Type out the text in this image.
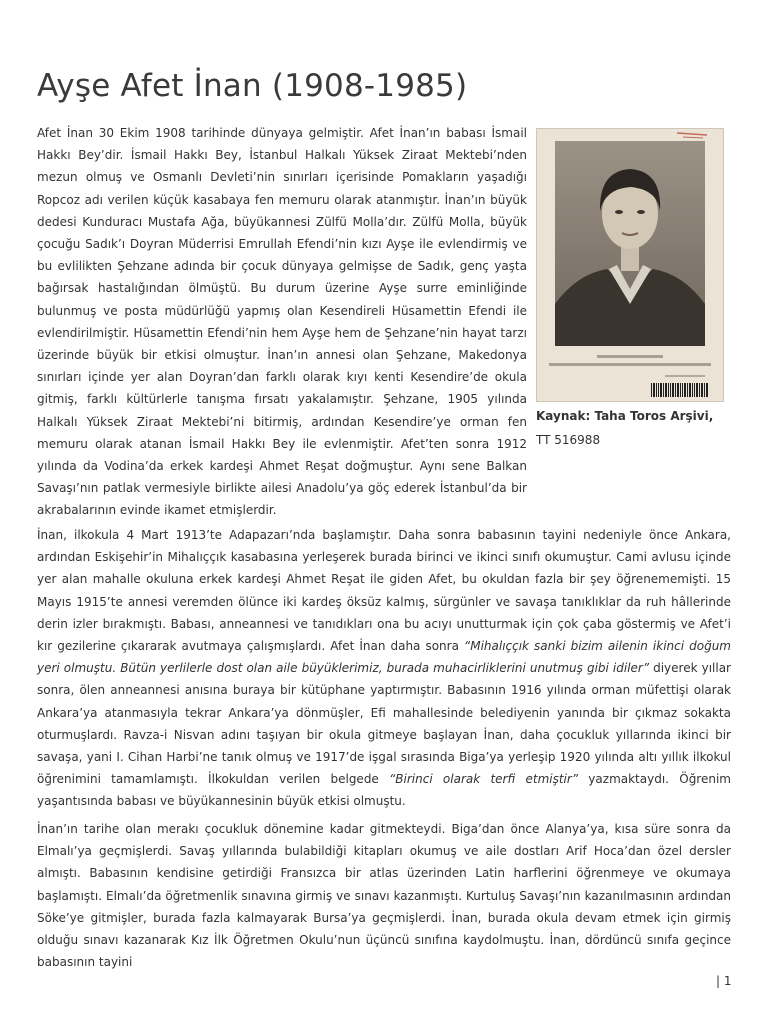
Ayşe Afet İnan (1908-1985)
Kaynak: Taha Toros Arşivi,
TT 516988

Afet İnan 30 Ekim 1908 tarihinde dünyaya gelmiştir. Afet İnan’ın babası İsmail Hakkı Bey’dir. İsmail Hakkı Bey, İstanbul Halkalı Yüksek Ziraat Mektebi’nden mezun olmuş ve Osmanlı Devleti’nin sınırları içerisinde Pomakların yaşadığı Ropcoz adı verilen küçük kasabaya fen memuru olarak atanmıştır. İnan’ın büyük dedesi Kunduracı Mustafa Ağa, büyükannesi Zülfü Molla’dır. Zülfü Molla, büyük çocuğu Sadık’ı Doyran Müderrisi Emrullah Efendi’nin kızı Ayşe ile evlendirmiş ve bu evlilikten Şehzane adında bir çocuk dünyaya gelmişse de Sadık, genç yaşta bağırsak hastalığından ölmüştü. Bu durum üzerine Ayşe surre eminliğinde bulunmuş ve posta müdürlüğü yapmış olan Kesendireli Hüsamettin Efendi ile evlendirilmiştir. Hüsamettin Efendi’nin hem Ayşe hem de Şehzane’nin hayat tarzı üzerinde büyük bir etkisi olmuştur. İnan’ın annesi olan Şehzane, Makedonya sınırları içinde yer alan Doyran’dan farklı olarak kıyı kenti Kesendire’de okula gitmiş, farklı kültürlerle tanışma fırsatı yakalamıştır. Şehzane, 1905 yılında Halkalı Yüksek Ziraat Mektebi’ni bitirmiş, ardından Kesendire’ye orman fen memuru olarak atanan İsmail Hakkı Bey ile evlenmiştir. Afet’ten sonra 1912 yılında da Vodina’da erkek kardeşi Ahmet Reşat doğmuştur. Aynı sene Balkan Savaşı’nın patlak vermesiyle birlikte ailesi Anadolu’ya göç ederek İstanbul’da bir akrabalarının evinde ikamet etmişlerdir.

İnan, ilkokula 4 Mart 1913’te Adapazarı’nda başlamıştır. Daha sonra babasının tayini nedeniyle önce Ankara, ardından Eskişehir’in Mihalıççık kasabasına yerleşerek burada birinci ve ikinci sınıfı okumuştur. Cami avlusu içinde yer alan mahalle okuluna erkek kardeşi Ahmet Reşat ile giden Afet, bu okuldan fazla bir şey öğrenememişti. 15 Mayıs 1915’te annesi veremden ölünce iki kardeş öksüz kalmış, sürgünler ve savaşa tanıklıklar da ruh hâllerinde derin izler bırakmıştı. Babası, anneannesi ve tanıdıkları ona bu acıyı unutturmak için çok çaba göstermiş ve Afet’i kır gezilerine çıkararak avutmaya çalışmışlardı. Afet İnan daha sonra “Mihalıççık sanki bizim ailenin ikinci doğum yeri olmuştu. Bütün yerlilerle dost olan aile büyüklerimiz, burada muhacirliklerini unutmuş gibi idiler” diyerek yıllar sonra, ölen anneannesi anısına buraya bir kütüphane yaptırmıştır. Babasının 1916 yılında orman müfettişi olarak Ankara’ya atanmasıyla tekrar Ankara’ya dönmüşler, Efi mahallesinde belediyenin yanında bir çıkmaz sokakta oturmuşlardı. Ravza-i Nisvan adını taşıyan bir okula gitmeye başlayan İnan, daha çocukluk yıllarında ikinci bir savaşa, yani I. Cihan Harbi’ne tanık olmuş ve 1917’de işgal sırasında Biga’ya yerleşip 1920 yılında altı yıllık ilkokul öğrenimini tamamlamıştı. İlkokuldan verilen belgede “Birinci olarak terfi etmiştir” yazmaktaydı. Öğrenim yaşantısında babası ve büyükannesinin büyük etkisi olmuştu.

İnan’ın tarihe olan merakı çocukluk dönemine kadar gitmekteydi. Biga’dan önce Alanya’ya, kısa süre sonra da Elmalı’ya geçmişlerdi. Savaş yıllarında bulabildiği kitapları okumuş ve aile dostları Arif Hoca’dan özel dersler almıştı. Babasının kendisine getirdiği Fransızca bir atlas üzerinden Latin harflerini öğrenmeye ve okumaya başlamıştı. Elmalı’da öğretmenlik sınavına girmiş ve sınavı kazanmıştı. Kurtuluş Savaşı’nın kazanılmasının ardından Söke’ye gitmişler, burada fazla kalmayarak Bursa’ya geçmişlerdi. İnan, burada okula devam etmek için girmiş olduğu sınavı kazanarak Kız İlk Öğretmen Okulu’nun üçüncü sınıfına kaydolmuştu. İnan, dördüncü sınıfa geçince babasının tayini

| 1
